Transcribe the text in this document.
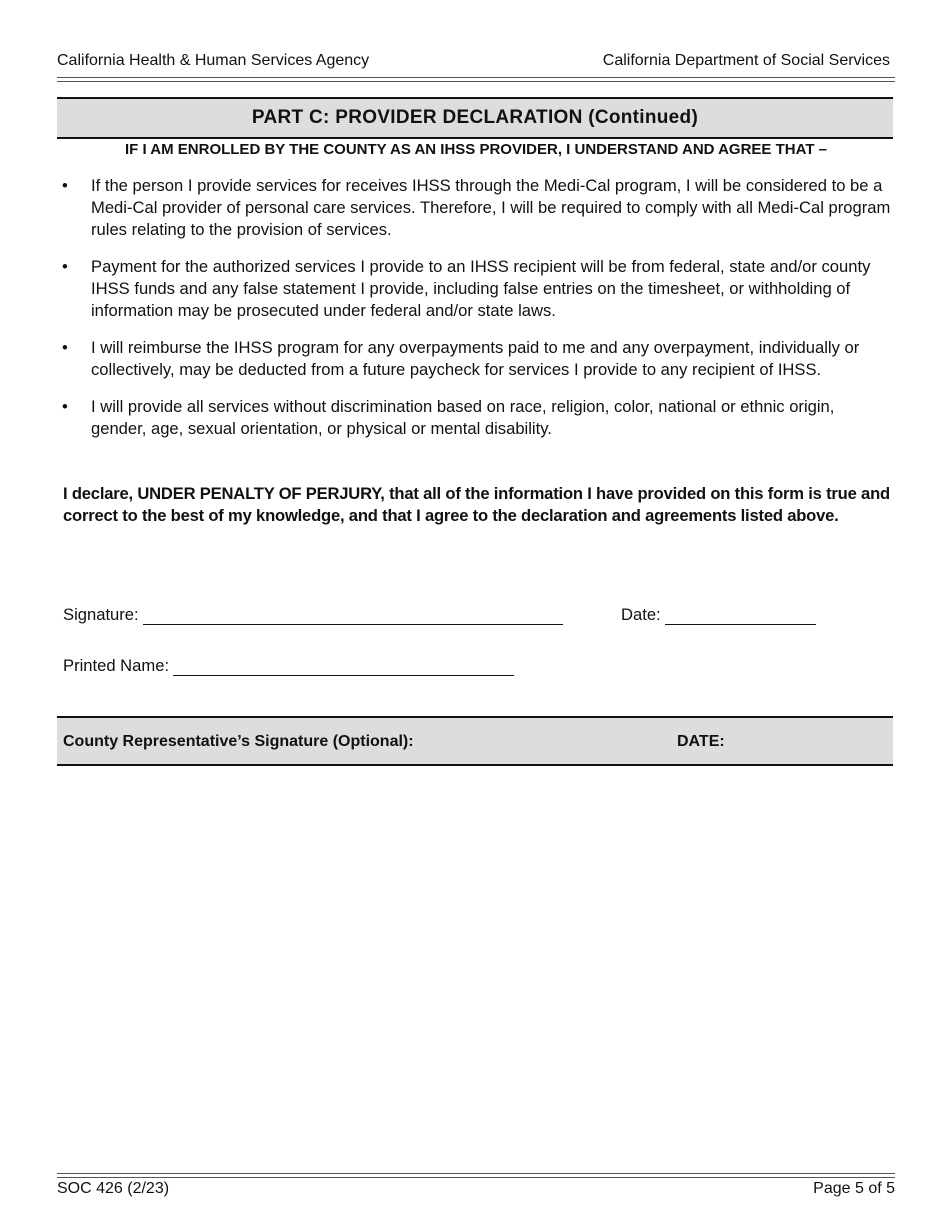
California Health & Human Services Agency	California Department of Social Services
PART C: PROVIDER DECLARATION (Continued)
IF I AM ENROLLED BY THE COUNTY AS AN IHSS PROVIDER, I UNDERSTAND AND AGREE THAT –
• If the person I provide services for receives IHSS through the Medi-Cal program, I will be considered to be a Medi-Cal provider of personal care services. Therefore, I will be required to comply with all Medi-Cal program rules relating to the provision of services.
• Payment for the authorized services I provide to an IHSS recipient will be from federal, state and/or county IHSS funds and any false statement I provide, including false entries on the timesheet, or withholding of information may be prosecuted under federal and/or state laws.
• I will reimburse the IHSS program for any overpayments paid to me and any overpayment, individually or collectively, may be deducted from a future paycheck for services I provide to any recipient of IHSS.
• I will provide all services without discrimination based on race, religion, color, national or ethnic origin, gender, age, sexual orientation, or physical or mental disability.
I declare, UNDER PENALTY OF PERJURY, that all of the information I have provided on this form is true and correct to the best of my knowledge, and that I agree to the declaration and agreements listed above.
Signature:	Date:
Printed Name:
County Representative’s Signature (Optional):	DATE:
SOC 426 (2/23)	Page 5 of 5
